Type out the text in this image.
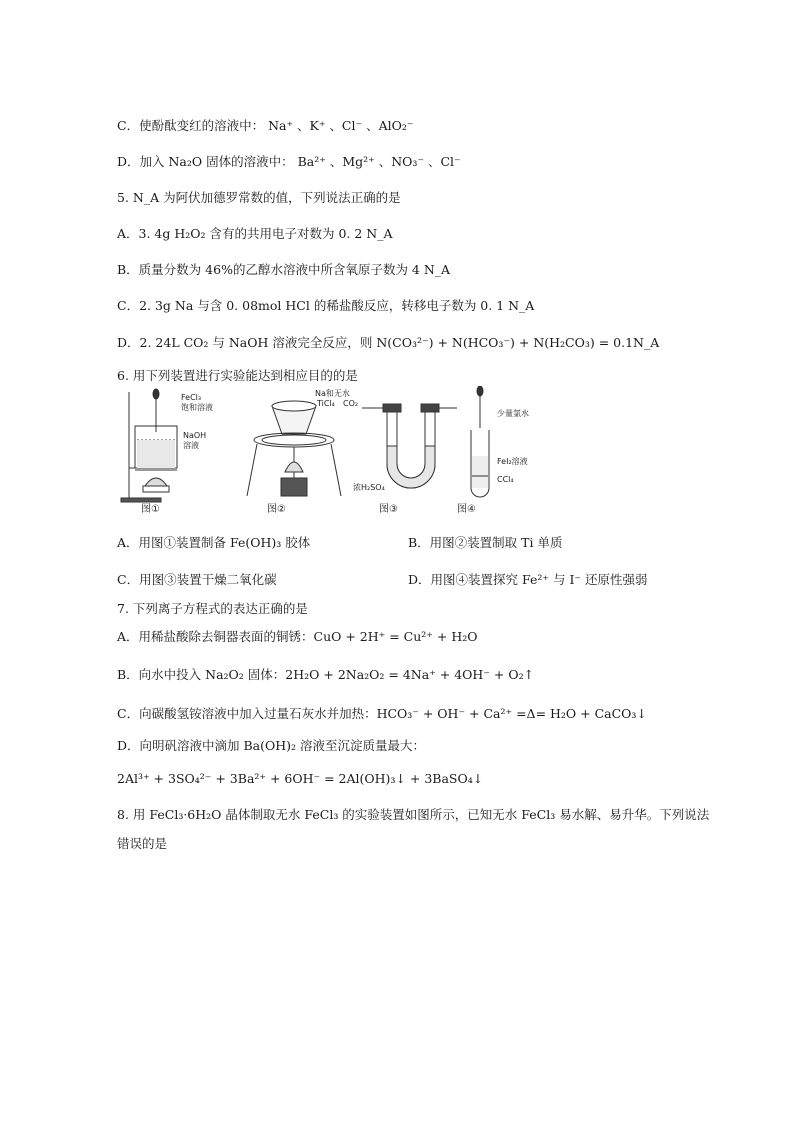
C．使酚酞变红的溶液中： Na⁺ 、K⁺ 、Cl⁻ 、AlO₂⁻
D．加入 Na₂O 固体的溶液中： Ba²⁺ 、Mg²⁺ 、NO₃⁻ 、Cl⁻
5. N_A 为阿伏加德罗常数的值，下列说法正确的是
A．3. 4g H₂O₂ 含有的共用电子对数为 0. 2 N_A
B．质量分数为 46%的乙醇水溶液中所含氧原子数为 4 N_A
C．2. 3g Na 与含 0. 08mol HCl 的稀盐酸反应，转移电子数为 0. 1 N_A
D．2. 24L CO₂ 与 NaOH 溶液完全反应，则 N(CO₃²⁻) + N(HCO₃⁻) + N(H₂CO₃) = 0.1N_A
6. 用下列装置进行实验能达到相应目的的是
FeCl₃
饱和溶液
NaOH
溶液
Na和无水
TiCl₄ CO₂
浓H₂SO₄
少量氯水
FeI₂溶液
CCl₄
图①	图②	图③	图④
A．用图①装置制备 Fe(OH)₃ 胶体	B．用图②装置制取 Ti 单质
C．用图③装置干燥二氧化碳	D．用图④装置探究 Fe²⁺ 与 I⁻ 还原性强弱
7. 下列离子方程式的表达正确的是
A．用稀盐酸除去铜器表面的铜锈：CuO + 2H⁺ = Cu²⁺ + H₂O
B．向水中投入 Na₂O₂ 固体：2H₂O + 2Na₂O₂ = 4Na⁺ + 4OH⁻ + O₂↑
C．向碳酸氢铵溶液中加入过量石灰水并加热：HCO₃⁻ + OH⁻ + Ca²⁺ =Δ= H₂O + CaCO₃↓
D．向明矾溶液中滴加 Ba(OH)₂ 溶液至沉淀质量最大：
2Al³⁺ + 3SO₄²⁻ + 3Ba²⁺ + 6OH⁻ = 2Al(OH)₃↓ + 3BaSO₄↓
8. 用 FeCl₃·6H₂O 晶体制取无水 FeCl₃ 的实验装置如图所示，已知无水 FeCl₃ 易水解、易升华。下列说法
错误的是
